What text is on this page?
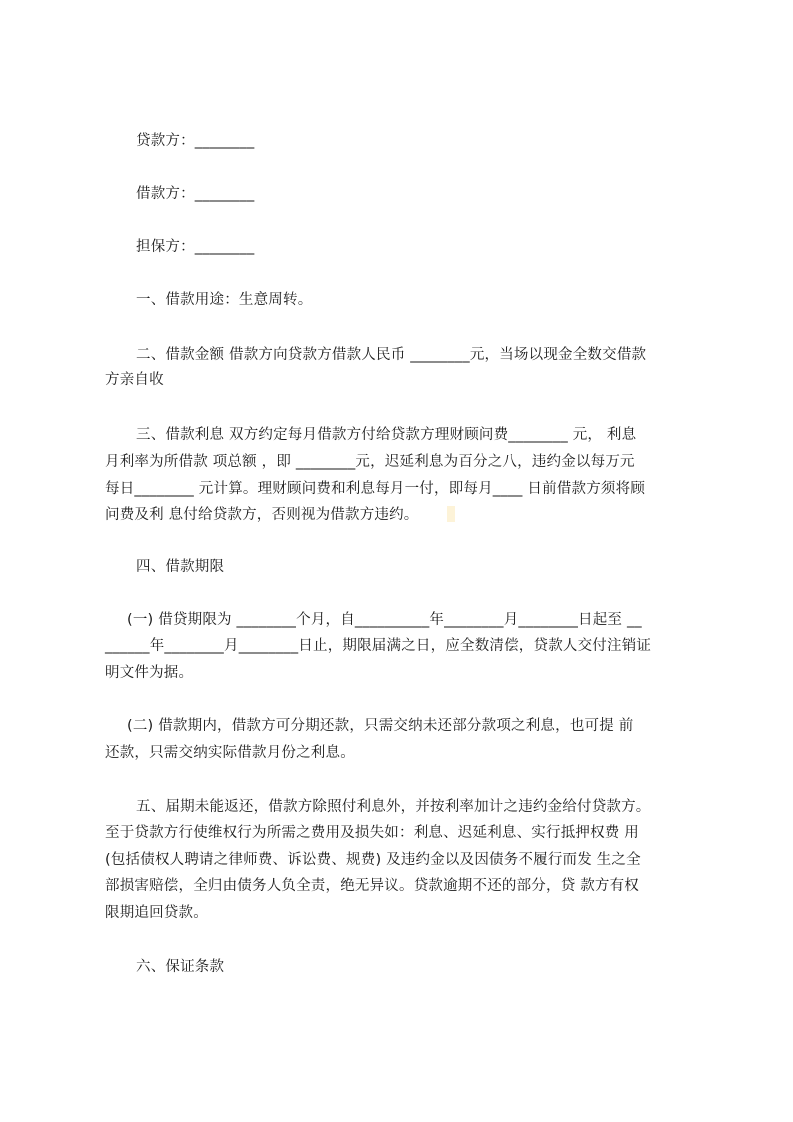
贷款方：________
借款方：________
担保方：________
一、借款用途：生意周转。
二、借款金额 借款方向贷款方借款人民币 ________元，当场以现金全数交借款
方亲自收
三、借款利息 双方约定每月借款方付给贷款方理财顾问费________ 元， 利息
月利率为所借款 项总额 ，即 ________元，迟延利息为百分之八，违约金以每万元
每日________ 元计算。理财顾问费和利息每月一付，即每月____ 日前借款方须将顾
问费及利 息付给贷款方，否则视为借款方违约。
四、借款期限
(一) 借贷期限为 ________个月，自__________年________月________日起至 __
______年________月________日止，期限届满之日，应全数清偿，贷款人交付注销证
明文件为据。
(二) 借款期内，借款方可分期还款，只需交纳未还部分款项之利息，也可提 前
还款，只需交纳实际借款月份之利息。
五、届期未能返还，借款方除照付利息外，并按利率加计之违约金给付贷款方。
至于贷款方行使维权行为所需之费用及损失如：利息、迟延利息、实行抵押权费 用
(包括债权人聘请之律师费、诉讼费、规费) 及违约金以及因债务不履行而发 生之全
部损害赔偿，全归由债务人负全责，绝无异议。贷款逾期不还的部分，贷 款方有权
限期追回贷款。
六、保证条款
